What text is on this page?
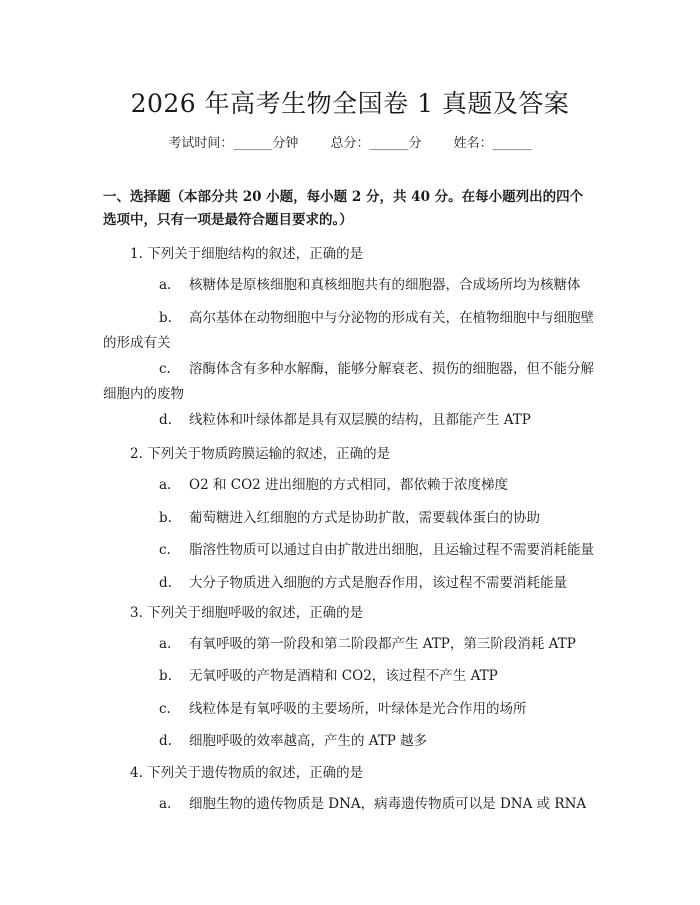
2026 年高考生物全国卷 1 真题及答案
考试时间：______分钟 总分：______分 姓名：______
一、选择题（本部分共 20 小题，每小题 2 分，共 40 分。在每小题列出的四个选项中，只有一项是最符合题目要求的。）
1. 下列关于细胞结构的叙述，正确的是
a. 核糖体是原核细胞和真核细胞共有的细胞器，合成场所均为核糖体
b. 高尔基体在动物细胞中与分泌物的形成有关，在植物细胞中与细胞壁的形成有关
c. 溶酶体含有多种水解酶，能够分解衰老、损伤的细胞器，但不能分解细胞内的废物
d. 线粒体和叶绿体都是具有双层膜的结构，且都能产生 ATP
2. 下列关于物质跨膜运输的叙述，正确的是
a. O2 和 CO2 进出细胞的方式相同，都依赖于浓度梯度
b. 葡萄糖进入红细胞的方式是协助扩散，需要载体蛋白的协助
c. 脂溶性物质可以通过自由扩散进出细胞，且运输过程不需要消耗能量
d. 大分子物质进入细胞的方式是胞吞作用，该过程不需要消耗能量
3. 下列关于细胞呼吸的叙述，正确的是
a. 有氧呼吸的第一阶段和第二阶段都产生 ATP，第三阶段消耗 ATP
b. 无氧呼吸的产物是酒精和 CO2，该过程不产生 ATP
c. 线粒体是有氧呼吸的主要场所，叶绿体是光合作用的场所
d. 细胞呼吸的效率越高，产生的 ATP 越多
4. 下列关于遗传物质的叙述，正确的是
a. 细胞生物的遗传物质是 DNA，病毒遗传物质可以是 DNA 或 RNA
